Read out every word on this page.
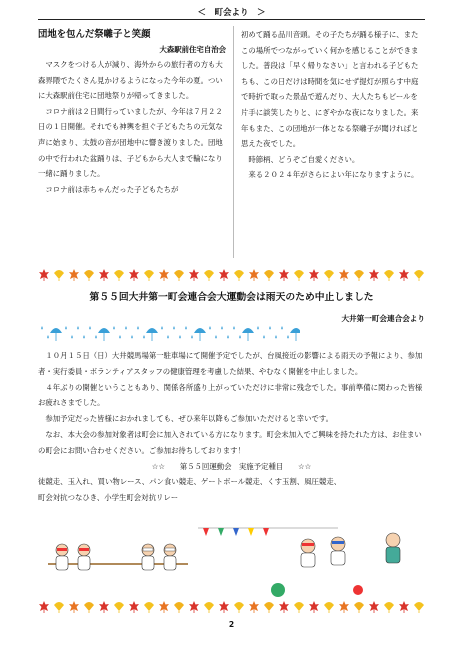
＜　町会より　＞
団地を包んだ祭囃子と笑顔
大森駅前住宅自治会

マスクをつける人が減り、海外からの旅行者の方も大森界隈でたくさん見かけるようになった今年の夏。ついに大森駅前住宅に団地祭りが帰ってきました。

コロナ前は２日間行っていましたが、今年は７月２２日の１日開催。それでも神輿を担ぐ子どもたちの元気な声に始まり、太鼓の音が団地中に響き渡りました。団地の中で行われた盆踊りは、子どもから大人まで輪になり一緒に踊りました。

コロナ前は赤ちゃんだった子どもたちが

初めて踊る品川音頭。その子たちが踊る様子に、またこの場所でつながっていく何かを感じることができました。普段は「早く帰りなさい」と言われる子どもたちも、この日だけは時間を気にせず提灯が照らす中庭で時折で取った景品で遊んだり、大人たちもビールを片手に談笑したりと、にぎやかな夜になりました。来年もまた、この団地が一体となる祭囃子が聞ければと思えた夜でした。

時節柄、どうぞご自愛ください。

来る２０２４年がさらによい年になりますように。

第５５回大井第一町会連合会大運動会は雨天のため中止しました
大井第一町会連合会より

１０月１５日（日）大井競馬場第一駐車場にて開催予定でしたが、台風接近の影響による雨天の予報により、参加者・実行委員・ボランティアスタッフの健康管理を考慮した結果、やむなく開催を中止しました。

４年ぶりの開催ということもあり、関係各所盛り上がっていただけに非常に残念でした。事前準備に関わった皆様お疲れさまでした。

参加予定だった皆様におかれましても、ぜひ来年以降もご参加いただけると幸いです。

なお、本大会の参加対象者は町会に加入されている方になります。町会未加入でご興味を持たれた方は、お住まいの町会にお問い合わせください。ご参加お待ちしております！

☆☆　　第５５回運動会　実施予定種目　　☆☆

徒競走、玉入れ、買い物レース、パン食い競走、ゲートボール競走、くす玉割、風圧競走、

町会対抗つなひき、小学生町会対抗リレー

2
